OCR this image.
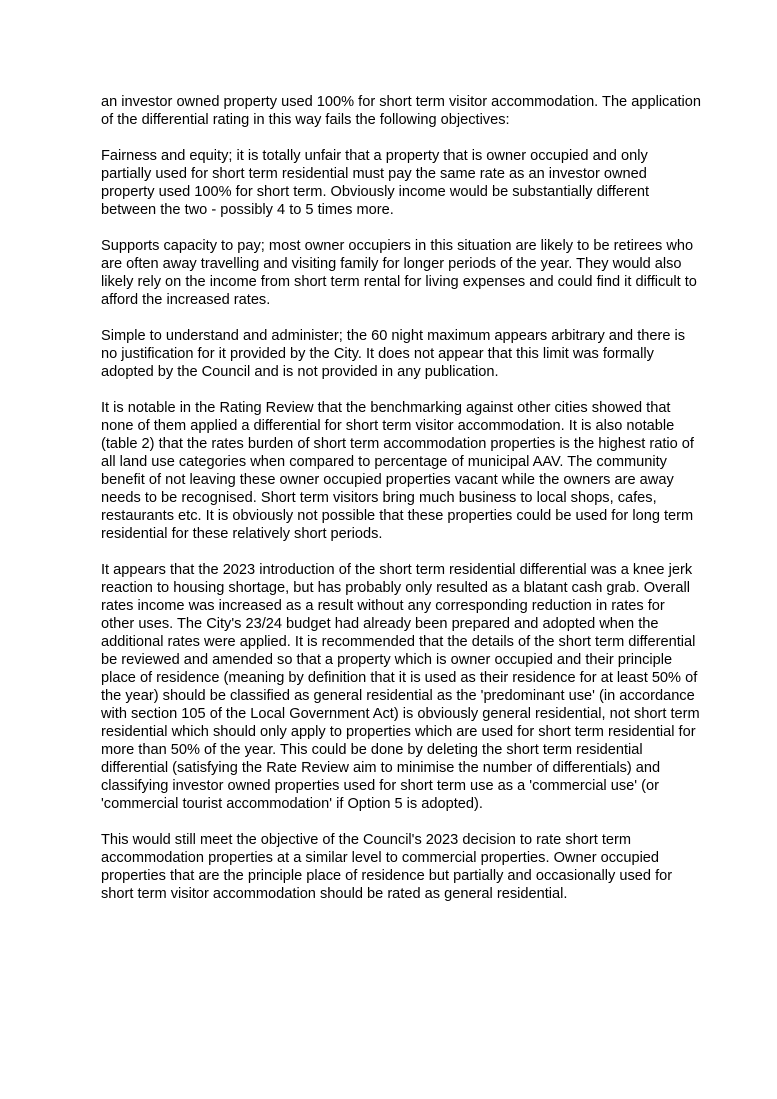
an investor owned property used 100% for short term visitor accommodation. The application of the differential rating in this way fails the following objectives:

Fairness and equity; it is totally unfair that a property that is owner occupied and only partially used for short term residential must pay the same rate as an investor owned property used 100% for short term. Obviously income would be substantially different between the two - possibly 4 to 5 times more.

Supports capacity to pay; most owner occupiers in this situation are likely to be retirees who are often away travelling and visiting family for longer periods of the year. They would also likely rely on the income from short term rental for living expenses and could find it difficult to afford the increased rates.

Simple to understand and administer; the 60 night maximum appears arbitrary and there is no justification for it provided by the City. It does not appear that this limit was formally adopted by the Council and is not provided in any publication.

It is notable in the Rating Review that the benchmarking against other cities showed that none of them applied a differential for short term visitor accommodation. It is also notable (table 2) that the rates burden of short term accommodation properties is the highest ratio of all land use categories when compared to percentage of municipal AAV. The community benefit of not leaving these owner occupied properties vacant while the owners are away needs to be recognised. Short term visitors bring much business to local shops, cafes, restaurants etc. It is obviously not possible that these properties could be used for long term residential for these relatively short periods.

It appears that the 2023 introduction of the short term residential differential was a knee jerk reaction to housing shortage, but has probably only resulted as a blatant cash grab. Overall rates income was increased as a result without any corresponding reduction in rates for other uses. The City's 23/24 budget had already been prepared and adopted when the additional rates were applied. It is recommended that the details of the short term differential be reviewed and amended so that a property which is owner occupied and their principle place of residence (meaning by definition that it is used as their residence for at least 50% of the year) should be classified as general residential as the 'predominant use' (in accordance with section 105 of the Local Government Act) is obviously general residential, not short term residential which should only apply to properties which are used for short term residential for more than 50% of the year. This could be done by deleting the short term residential differential (satisfying the Rate Review aim to minimise the number of differentials) and classifying investor owned properties used for short term use as a 'commercial use' (or 'commercial tourist accommodation' if Option 5 is adopted).

This would still meet the objective of the Council's 2023 decision to rate short term accommodation properties at a similar level to commercial properties. Owner occupied properties that are the principle place of residence but partially and occasionally used for short term visitor accommodation should be rated as general residential.
